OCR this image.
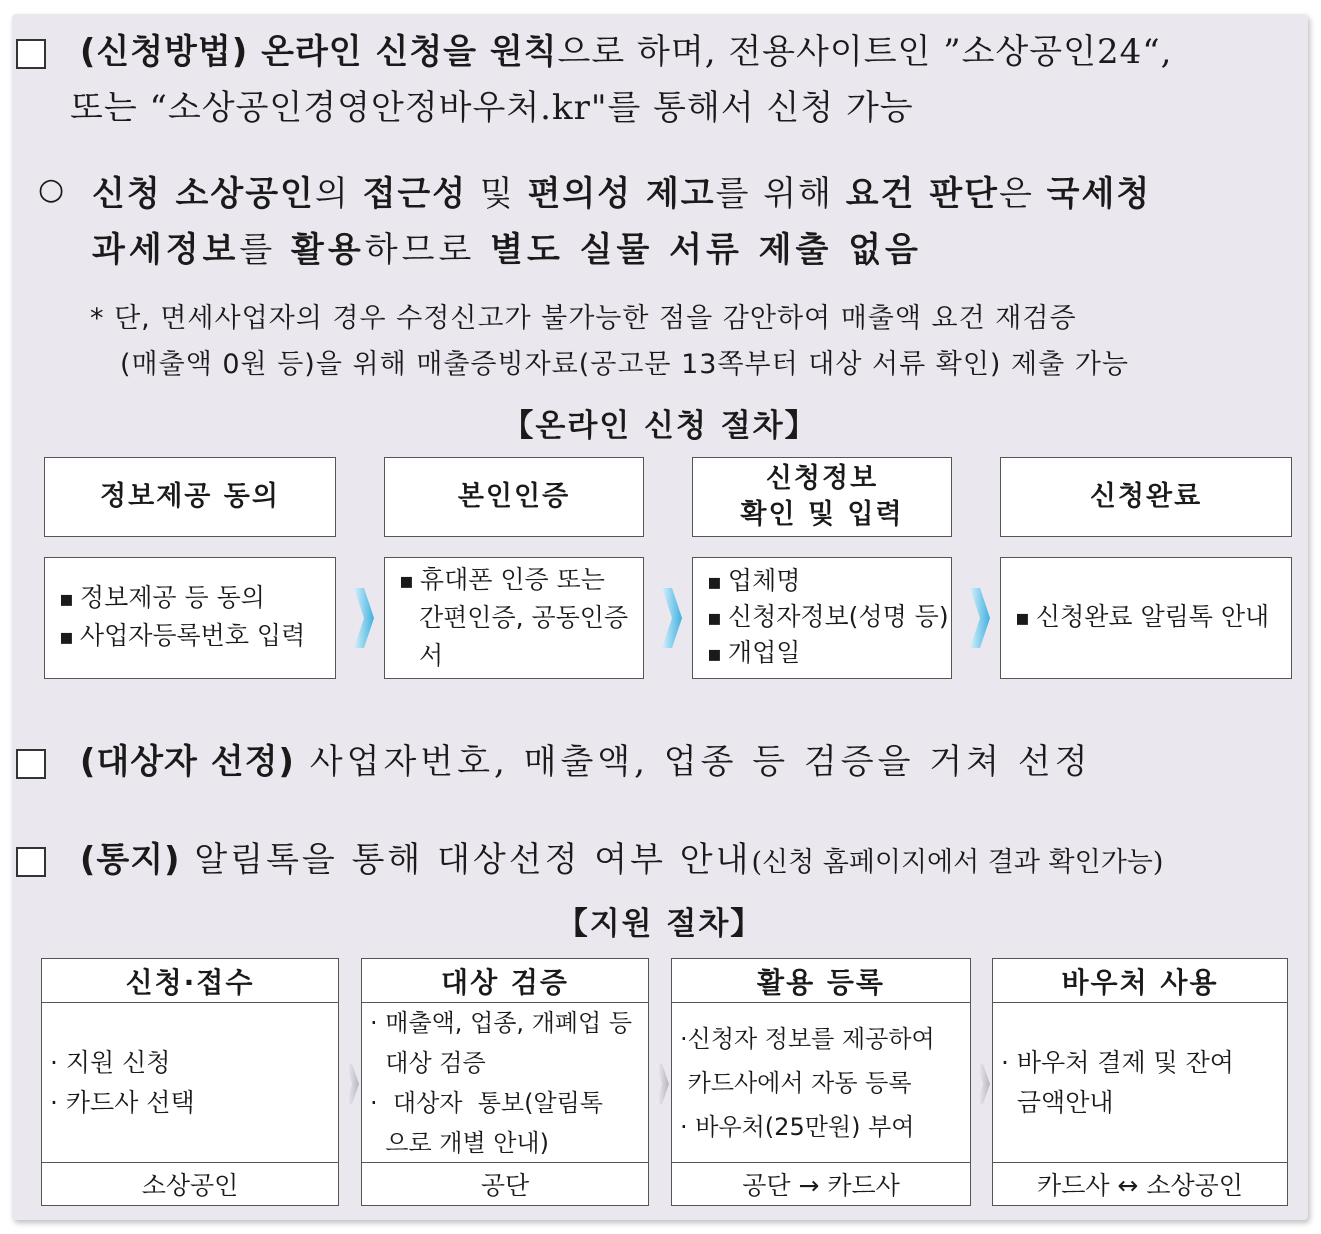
(신청방법) 온라인 신청을 원칙으로 하며, 전용사이트인 ”소상공인24“,
또는 “소상공인경영안정바우처.kr"를 통해서 신청 가능
○ 신청 소상공인의 접근성 및 편의성 제고를 위해 요건 판단은 국세청
과세정보를 활용하므로 별도 실물 서류 제출 없음
* 단, 면세사업자의 경우 수정신고가 불가능한 점을 감안하여 매출액 요건 재검증
(매출액 0원 등)을 위해 매출증빙자료(공고문 13쪽부터 대상 서류 확인) 제출 가능
【온라인 신청 절차】
정보제공 동의	본인인증
신청정보
확인 및 입력
신청완료
▪ 정보제공 등 동의
▪ 사업자등록번호 입력
▪ 휴대폰 인증 또는
간편인증, 공동인증서
▪ 업체명
▪ 신청자정보(성명 등)
▪ 개업일
▪ 신청완료 알림톡 안내
(대상자 선정) 사업자번호, 매출액, 업종 등 검증을 거쳐 선정
(통지) 알림톡을 통해 대상선정 여부 안내(신청 홈페이지에서 결과 확인가능)
【지원 절차】
신청·접수
· 지원 신청
· 카드사 선택
소상공인
대상 검증
· 매출액, 업종, 개폐업 등
대상 검증
·  대상자  통보(알림톡
으로 개별 안내)
공단
활용 등록
·신청자 정보를 제공하여
카드사에서 자동 등록
· 바우처(25만원) 부여
공단 → 카드사
바우처 사용
· 바우처 결제 및 잔여
금액안내
카드사 ↔ 소상공인
